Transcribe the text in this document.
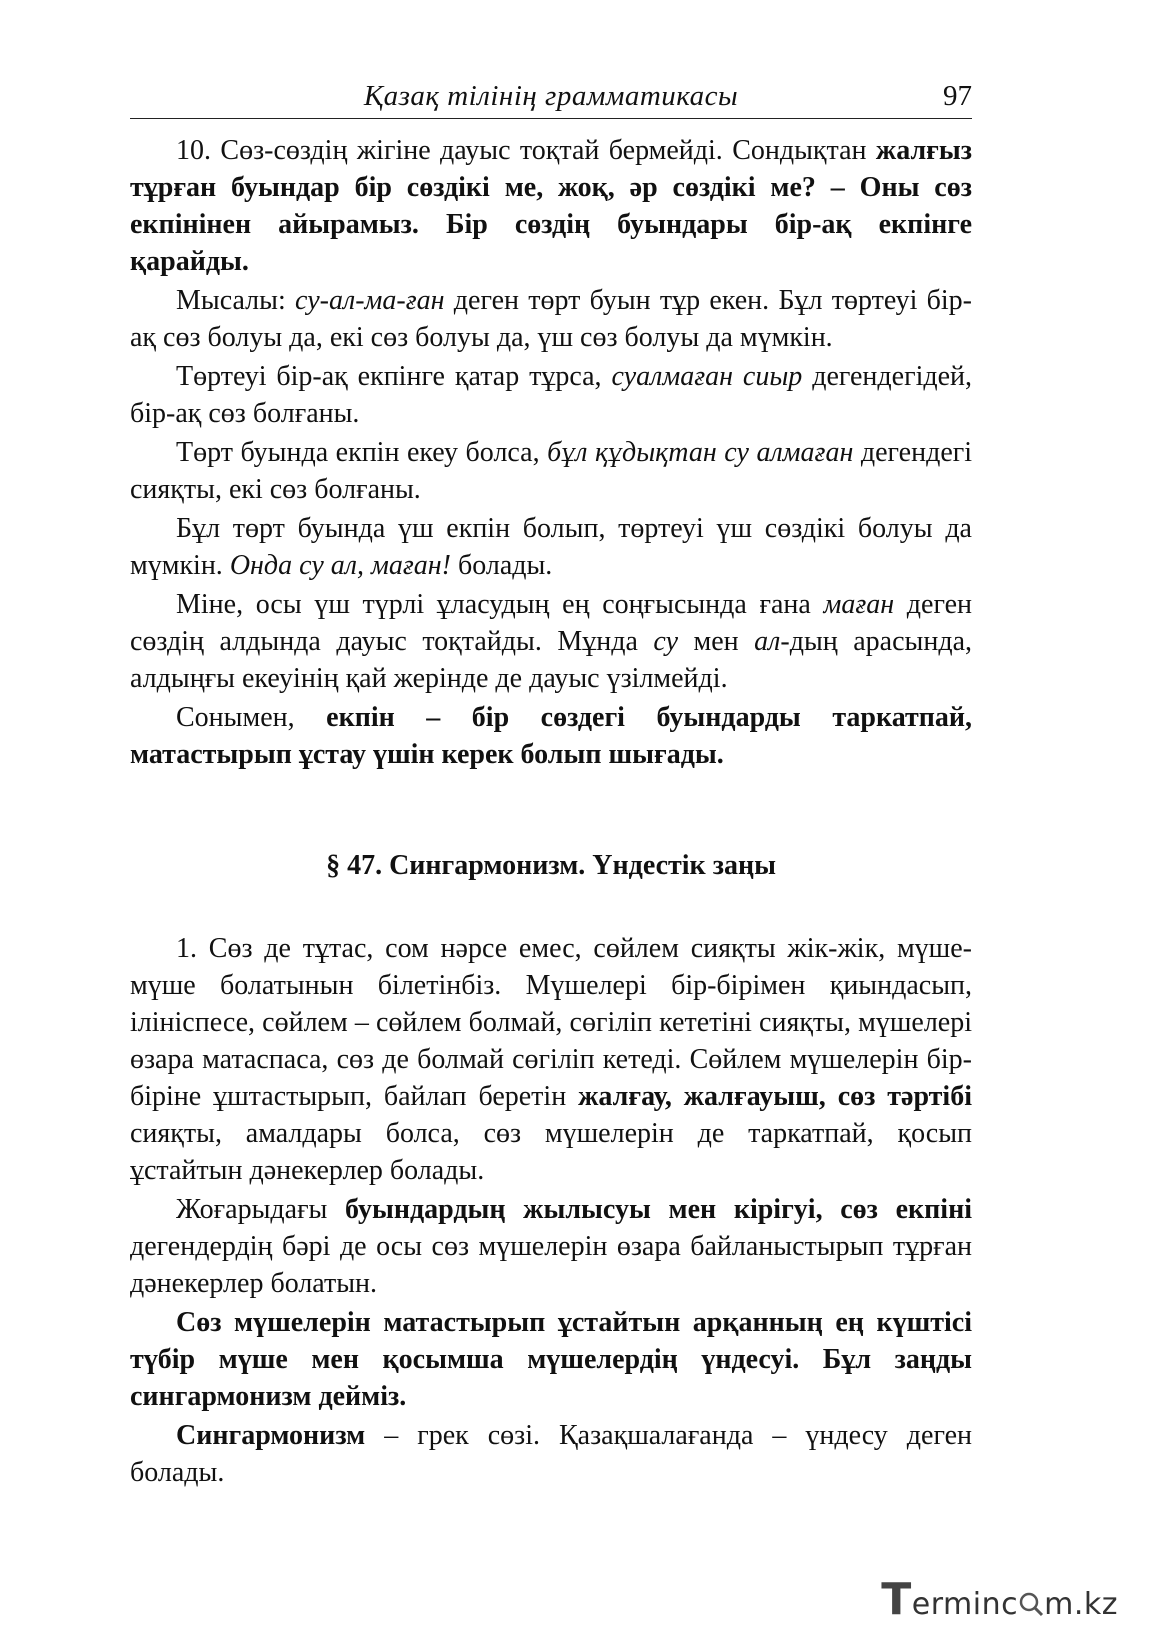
Қазақ тілінің грамматикасы	97

10. Сөз-сөздің жігіне дауыс тоқтай бермейді. Сондықтан жалғыз тұрған буындар бір сөздікі ме, жоқ, әр сөздікі ме? – Оны сөз екпінінен айырамыз. Бір сөздің буындары бір-ақ екпінге қарайды.

Мысалы: су-ал-ма-ған деген төрт буын тұр екен. Бұл төртеуі бір-ақ сөз болуы да, екі сөз болуы да, үш сөз болуы да мүмкін.

Төртеуі бір-ақ екпінге қатар тұрса, суалмаған сиыр дегендегідей, бір-ақ сөз болғаны.

Төрт буында екпін екеу болса, бұл құдықтан су алмаған дегендегі сияқты, екі сөз болғаны.

Бұл төрт буында үш екпін болып, төртеуі үш сөздікі болуы да мүмкін. Онда су ал, маған! болады.

Міне, осы үш түрлі ұласудың ең соңғысында ғана маған деген сөздің алдында дауыс тоқтайды. Мұнда су мен ал-дың арасында, алдыңғы екеуінің қай жерінде де дауыс үзілмейді.

Сонымен, екпін – бір сөздегі буындарды таркатпай, матастырып ұстау үшін керек болып шығады.

§ 47. Сингармонизм. Үндестік заңы

1. Сөз де тұтас, сом нәрсе емес, сөйлем сияқты жік-жік, мүше-мүше болатынын білетінбіз. Мүшелері бір-бірімен қиындасып, ілініспесе, сөйлем – сөйлем болмай, сөгіліп кететіні сияқты, мүшелері өзара матаспаса, сөз де болмай сөгіліп кетеді. Сөйлем мүшелерін бір-біріне ұштастырып, байлап беретін жалғау, жалғауыш, сөз тәртібі сияқты, амалдары болса, сөз мүшелерін де таркатпай, қосып ұстайтын дәнекерлер болады.

Жоғарыдағы буындардың жылысуы мен кірігуі, сөз екпіні дегендердің бәрі де осы сөз мүшелерін өзара байланыстырып тұрған дәнекерлер болатын.

Сөз мүшелерін матастырып ұстайтын арқанның ең күштісі түбір мүше мен қосымша мүшелердің үндесуі. Бұл заңды сингармонизм дейміз.

Сингармонизм – грек сөзі. Қазақшалағанда – үндесу деген болады.

Terminc m.kz
